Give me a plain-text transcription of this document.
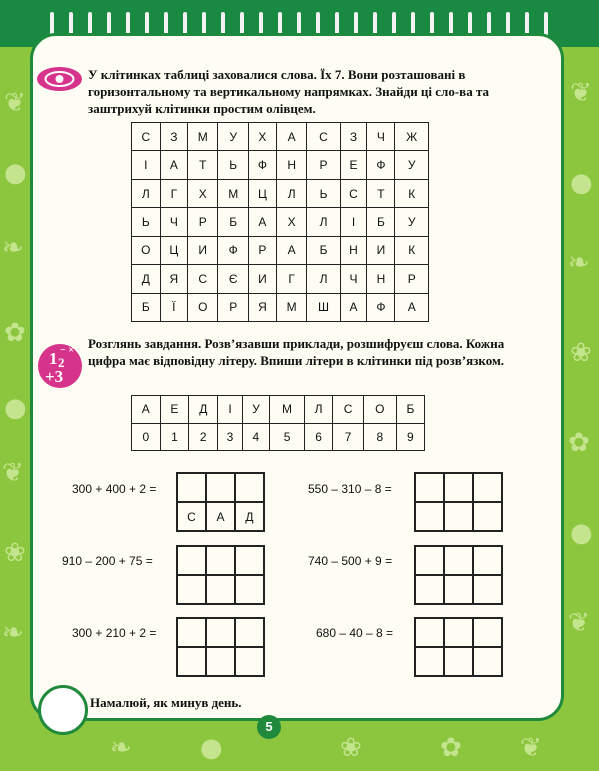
❦
●
❧
✿
●
❦
❀
❧
❦
●
❧
❀
✿
●
❦
❧	●	❀	✿ ❦
У клітинках таблиці заховалися слова. Їх 7. Вони розташовані в горизонтальному та вертикальному напрямках. Знайди ці сло-ва та заштрихуй клітинки простим олівцем.
С	З	М	У	Х	А	С	З	Ч	Ж
І	А	Т	Ь	Ф	Н	Р	Е	Ф	У
Л	Г	Х	М	Ц	Л	Ь	С	Т	К
Ь	Ч	Р	Б	А	Х	Л	І	Б	У
О	Ц	И	Ф	Р	А	Б	Н	И	К
Д	Я	С	Є	И	Г	Л	Ч	Н	Р
Б	Ї	О	Р	Я	М	Ш	А	Ф	А
1 2
+3
− × Розглянь завдання. Розв’язавши приклади, розшифруєш слова. Кожна цифра має відповідну літеру. Впиши літери в клітинки під розв’язком.
А	Е	Д	І	У	М	Л	С	О	Б
0	1	2	3	4	5	6	7	8	9
300 + 400 + 2 =
С	А	Д
550 – 310 – 8 =
910 – 200 + 75 =	740 – 500 + 9 =
300 + 210 + 2 =	680 – 40 – 8 =
Намалюй, як минув день.
5
